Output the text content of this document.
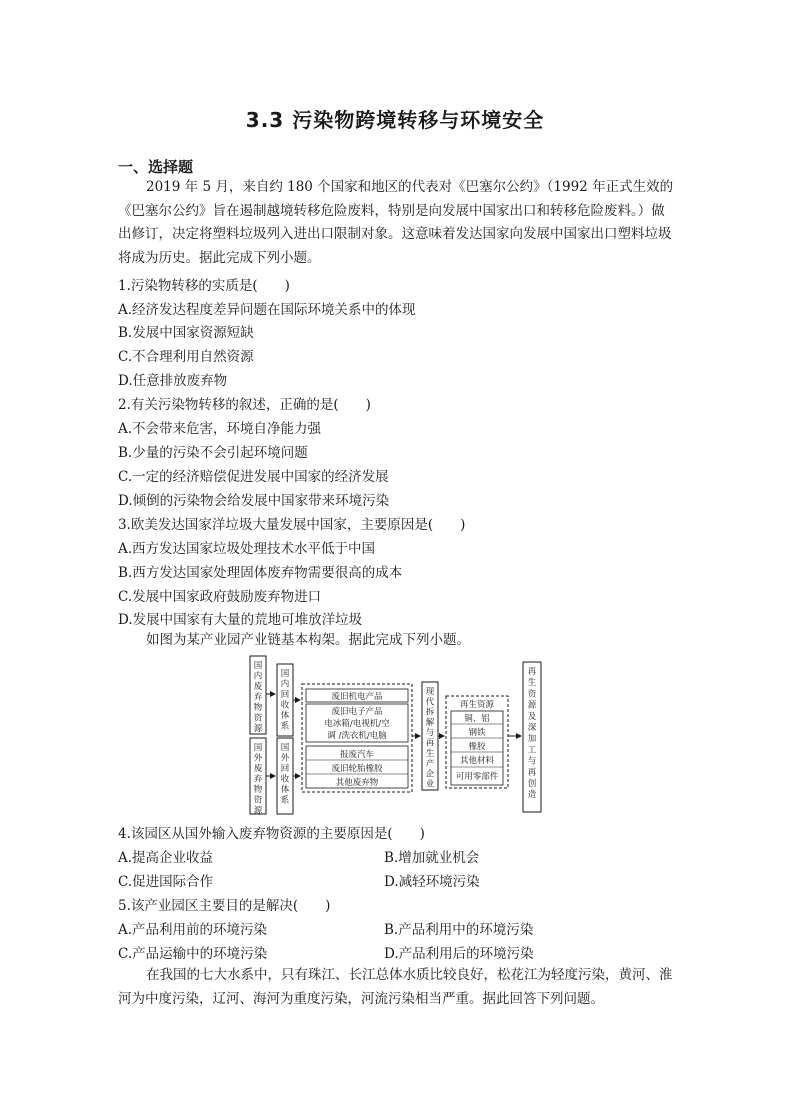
3.3 污染物跨境转移与环境安全
一、选择题
2019 年 5 月，来自约 180 个国家和地区的代表对《巴塞尔公约》（1992 年正式生效的《巴塞尔公约》旨在遏制越境转移危险废料，特别是向发展中国家出口和转移危险废料。）做出修订，决定将塑料垃圾列入进出口限制对象。这意味着发达国家向发展中国家出口塑料垃圾将成为历史。据此完成下列小题。
1.污染物转移的实质是(　　)
A.经济发达程度差异问题在国际环境关系中的体现
B.发展中国家资源短缺
C.不合理利用自然资源
D.任意排放废弃物
2.有关污染物转移的叙述，正确的是(　　)
A.不会带来危害，环境自净能力强
B.少量的污染不会引起环境问题
C.一定的经济赔偿促进发展中国家的经济发展
D.倾倒的污染物会给发展中国家带来环境污染
3.欧美发达国家洋垃圾大量发展中国家，主要原因是(　　)
A.西方发达国家垃圾处理技术水平低于中国
B.西方发达国家处理固体废弃物需要很高的成本
C.发展中国家政府鼓励废弃物进口
D.发展中国家有大量的荒地可堆放洋垃圾
如图为某产业园产业链基本构架。据此完成下列小题。
国内废弃物资源
国外废弃物资源
国内回收体系
国外回收体系
废旧机电产品
废旧电子产品
电冰箱/电视机/空
调 /洗衣机/电脑
报废汽车
废旧轮胎橡胶
其他废弃物
现代拆解与再生产企业
再生资源
铜、铝
钢铁
橡胶
其他材料
可用零部件
再生资源及深加工与再创造
4.该园区从国外输入废弃物资源的主要原因是(　　)
A.提高企业收益	B.增加就业机会
C.促进国际合作	D.减轻环境污染
5.该产业园区主要目的是解决(　　)
A.产品利用前的环境污染	B.产品利用中的环境污染
C.产品运输中的环境污染	D.产品利用后的环境污染
在我国的七大水系中，只有珠江、长江总体水质比较良好，松花江为轻度污染，黄河、淮河为中度污染，辽河、海河为重度污染，河流污染相当严重。据此回答下列问题。
